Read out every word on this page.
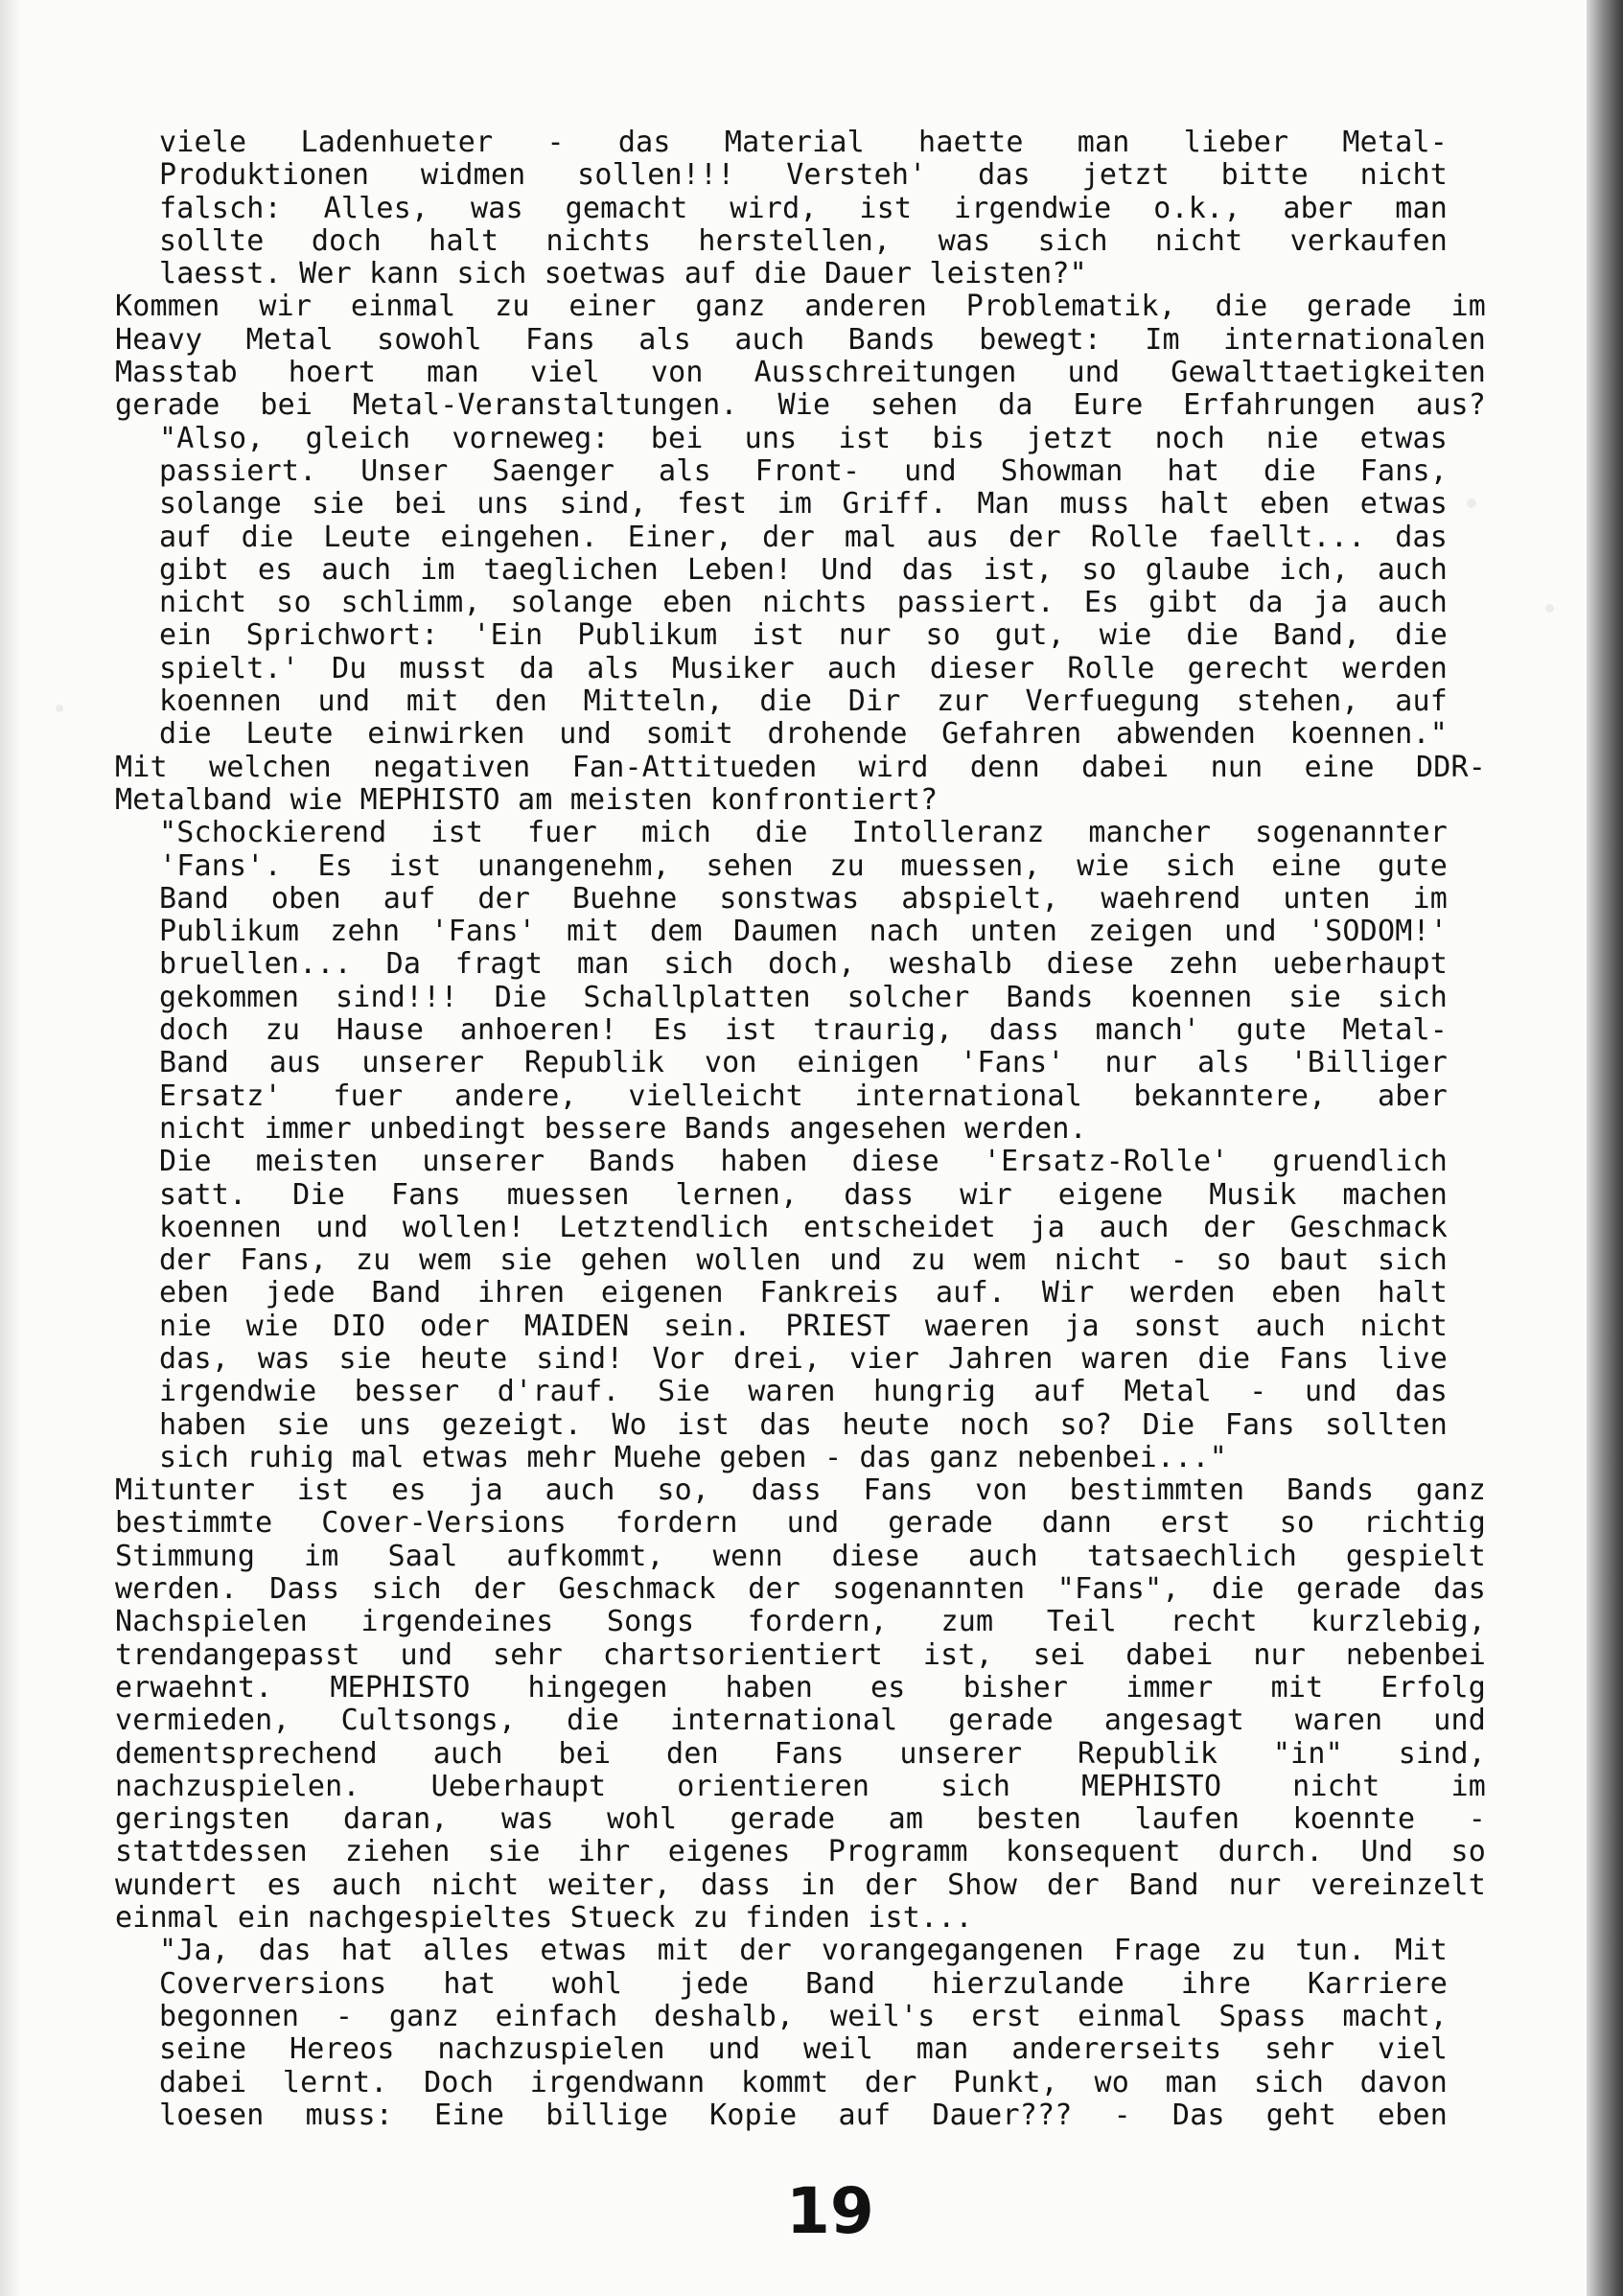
viele Ladenhueter - das Material haette man lieber Metal-
Produktionen widmen sollen!!! Versteh' das jetzt bitte nicht
falsch: Alles, was gemacht wird, ist irgendwie o.k., aber man
sollte doch halt nichts herstellen, was sich nicht verkaufen
laesst. Wer kann sich soetwas auf die Dauer leisten?"
Kommen wir einmal zu einer ganz anderen Problematik, die gerade im
Heavy Metal sowohl Fans als auch Bands bewegt: Im internationalen
Masstab hoert man viel von Ausschreitungen und Gewalttaetigkeiten
gerade bei Metal-Veranstaltungen. Wie sehen da Eure Erfahrungen aus?
"Also, gleich vorneweg: bei uns ist bis jetzt noch nie etwas
passiert. Unser Saenger als Front- und Showman hat die Fans,
solange sie bei uns sind, fest im Griff. Man muss halt eben etwas
auf die Leute eingehen. Einer, der mal aus der Rolle faellt... das
gibt es auch im taeglichen Leben! Und das ist, so glaube ich, auch
nicht so schlimm, solange eben nichts passiert. Es gibt da ja auch
ein Sprichwort: 'Ein Publikum ist nur so gut, wie die Band, die
spielt.' Du musst da als Musiker auch dieser Rolle gerecht werden
koennen und mit den Mitteln, die Dir zur Verfuegung stehen, auf
die Leute einwirken und somit drohende Gefahren abwenden koennen."
Mit welchen negativen Fan-Attitueden wird denn dabei nun eine DDR-
Metalband wie MEPHISTO am meisten konfrontiert?
"Schockierend ist fuer mich die Intolleranz mancher sogenannter
'Fans'. Es ist unangenehm, sehen zu muessen, wie sich eine gute
Band oben auf der Buehne sonstwas abspielt, waehrend unten im
Publikum zehn 'Fans' mit dem Daumen nach unten zeigen und 'SODOM!'
bruellen... Da fragt man sich doch, weshalb diese zehn ueberhaupt
gekommen sind!!! Die Schallplatten solcher Bands koennen sie sich
doch zu Hause anhoeren! Es ist traurig, dass manch' gute Metal-
Band aus unserer Republik von einigen 'Fans' nur als 'Billiger
Ersatz' fuer andere, vielleicht international bekanntere, aber
nicht immer unbedingt bessere Bands angesehen werden.
Die meisten unserer Bands haben diese 'Ersatz-Rolle' gruendlich
satt. Die Fans muessen lernen, dass wir eigene Musik machen
koennen und wollen! Letztendlich entscheidet ja auch der Geschmack
der Fans, zu wem sie gehen wollen und zu wem nicht - so baut sich
eben jede Band ihren eigenen Fankreis auf. Wir werden eben halt
nie wie DIO oder MAIDEN sein. PRIEST waeren ja sonst auch nicht
das, was sie heute sind! Vor drei, vier Jahren waren die Fans live
irgendwie besser d'rauf. Sie waren hungrig auf Metal - und das
haben sie uns gezeigt. Wo ist das heute noch so? Die Fans sollten
sich ruhig mal etwas mehr Muehe geben - das ganz nebenbei..."
Mitunter ist es ja auch so, dass Fans von bestimmten Bands ganz
bestimmte Cover-Versions fordern und gerade dann erst so richtig
Stimmung im Saal aufkommt, wenn diese auch tatsaechlich gespielt
werden. Dass sich der Geschmack der sogenannten "Fans", die gerade das
Nachspielen irgendeines Songs fordern, zum Teil recht kurzlebig,
trendangepasst und sehr chartsorientiert ist, sei dabei nur nebenbei
erwaehnt. MEPHISTO hingegen haben es bisher immer mit Erfolg
vermieden, Cultsongs, die international gerade angesagt waren und
dementsprechend auch bei den Fans unserer Republik "in" sind,
nachzuspielen. Ueberhaupt orientieren sich MEPHISTO nicht im
geringsten daran, was wohl gerade am besten laufen koennte -
stattdessen ziehen sie ihr eigenes Programm konsequent durch. Und so
wundert es auch nicht weiter, dass in der Show der Band nur vereinzelt
einmal ein nachgespieltes Stueck zu finden ist...
"Ja, das hat alles etwas mit der vorangegangenen Frage zu tun. Mit
Coverversions hat wohl jede Band hierzulande ihre Karriere
begonnen - ganz einfach deshalb, weil's erst einmal Spass macht,
seine Hereos nachzuspielen und weil man andererseits sehr viel
dabei lernt. Doch irgendwann kommt der Punkt, wo man sich davon
loesen muss: Eine billige Kopie auf Dauer??? - Das geht eben
19
